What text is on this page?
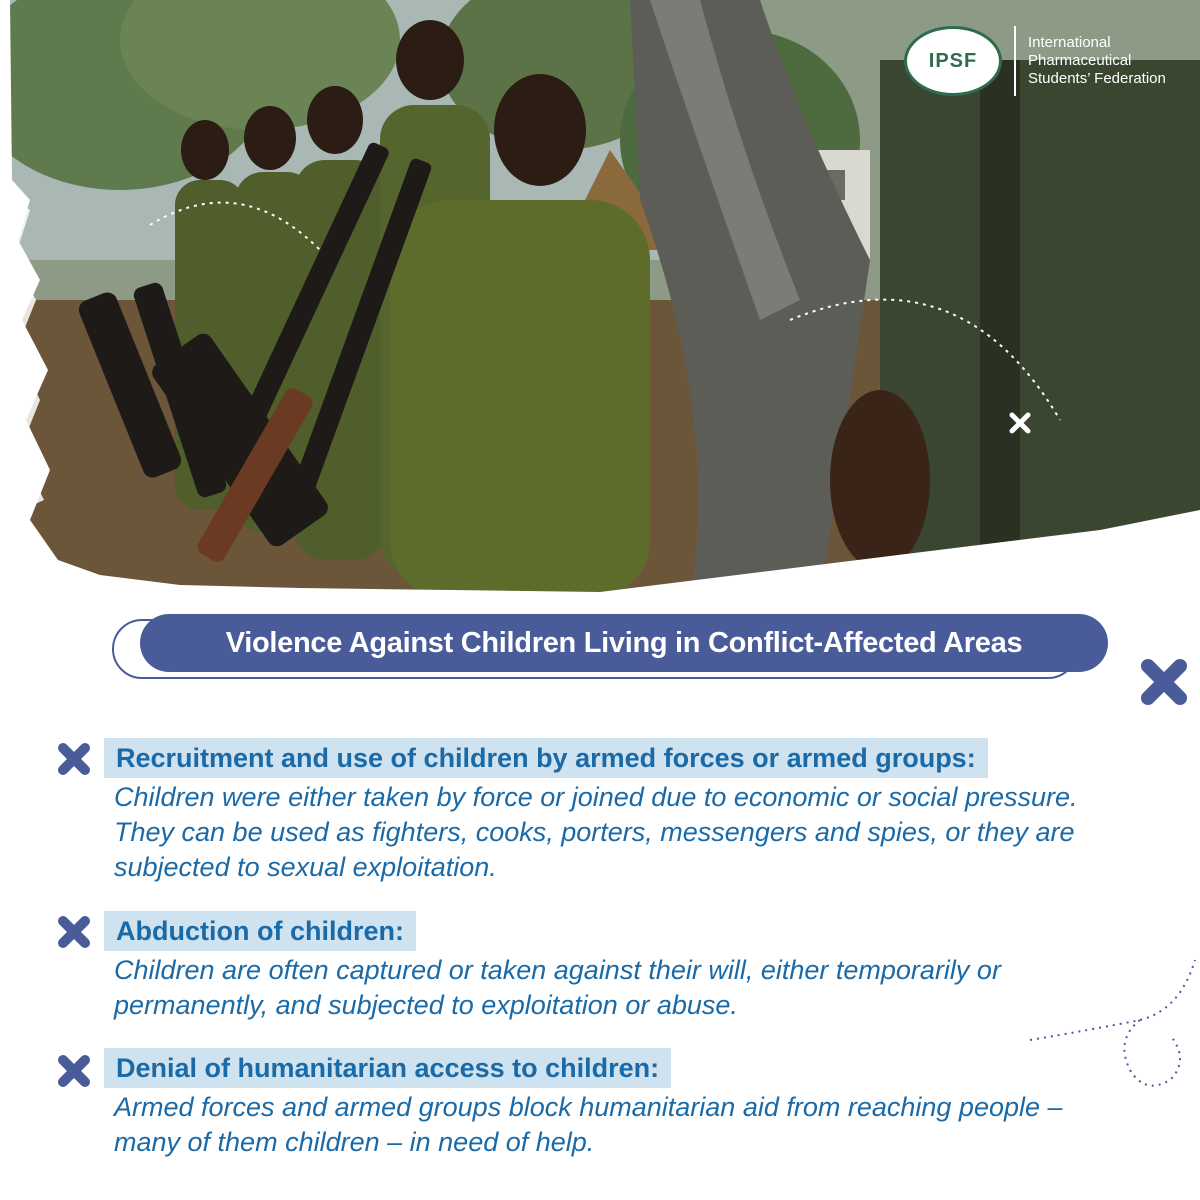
IPSF
International
Pharmaceutical
Students’ Federation
Violence Against Children Living in Conflict-Affected Areas
Recruitment and use of children by armed forces or armed groups:

Children were either taken by force or joined due to economic or social pressure. They can be used as fighters, cooks, porters, messengers and spies, or they are subjected to sexual exploitation.

Abduction of children:

Children are often captured or taken against their will, either temporarily or permanently, and subjected to exploitation or abuse.

Denial of humanitarian access to children:

Armed forces and armed groups block humanitarian aid from reaching people – many of them children – in need of help.
